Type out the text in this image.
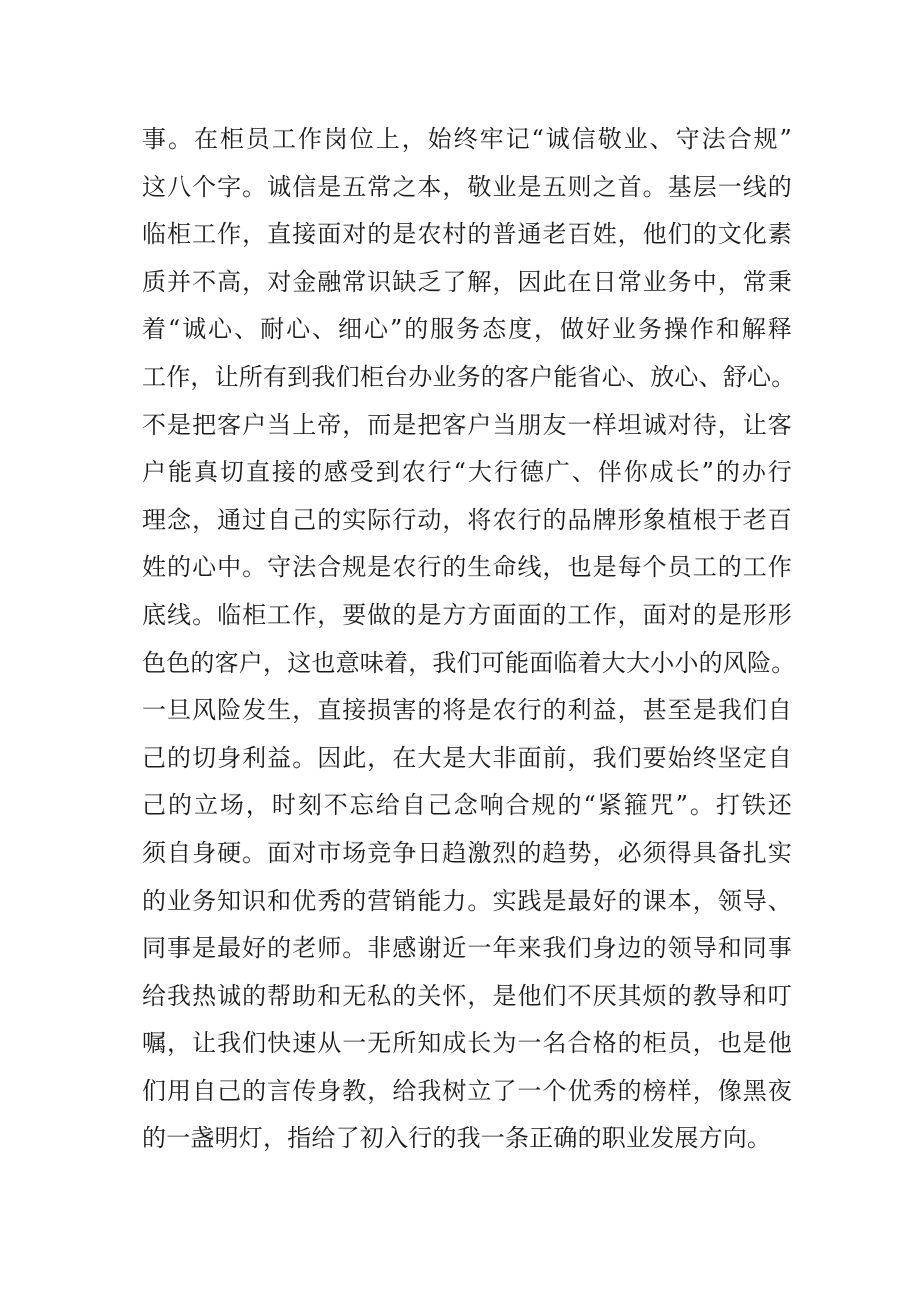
事。在柜员工作岗位上，始终牢记“诚信敬业、守法合规”
这八个字。诚信是五常之本，敬业是五则之首。基层一线的
临柜工作，直接面对的是农村的普通老百姓，他们的文化素
质并不高，对金融常识缺乏了解，因此在日常业务中，常秉
着“诚心、耐心、细心”的服务态度，做好业务操作和解释
工作，让所有到我们柜台办业务的客户能省心、放心、舒心。
不是把客户当上帝，而是把客户当朋友一样坦诚对待，让客
户能真切直接的感受到农行“大行德广、伴你成长”的办行
理念，通过自己的实际行动，将农行的品牌形象植根于老百
姓的心中。守法合规是农行的生命线，也是每个员工的工作
底线。临柜工作，要做的是方方面面的工作，面对的是形形
色色的客户，这也意味着，我们可能面临着大大小小的风险。
一旦风险发生，直接损害的将是农行的利益，甚至是我们自
己的切身利益。因此，在大是大非面前，我们要始终坚定自
己的立场，时刻不忘给自己念响合规的“紧箍咒”。打铁还
须自身硬。面对市场竞争日趋激烈的趋势，必须得具备扎实
的业务知识和优秀的营销能力。实践是最好的课本，领导、
同事是最好的老师。非感谢近一年来我们身边的领导和同事
给我热诚的帮助和无私的关怀，是他们不厌其烦的教导和叮
嘱，让我们快速从一无所知成长为一名合格的柜员，也是他
们用自己的言传身教，给我树立了一个优秀的榜样，像黑夜
的一盏明灯，指给了初入行的我一条正确的职业发展方向。
